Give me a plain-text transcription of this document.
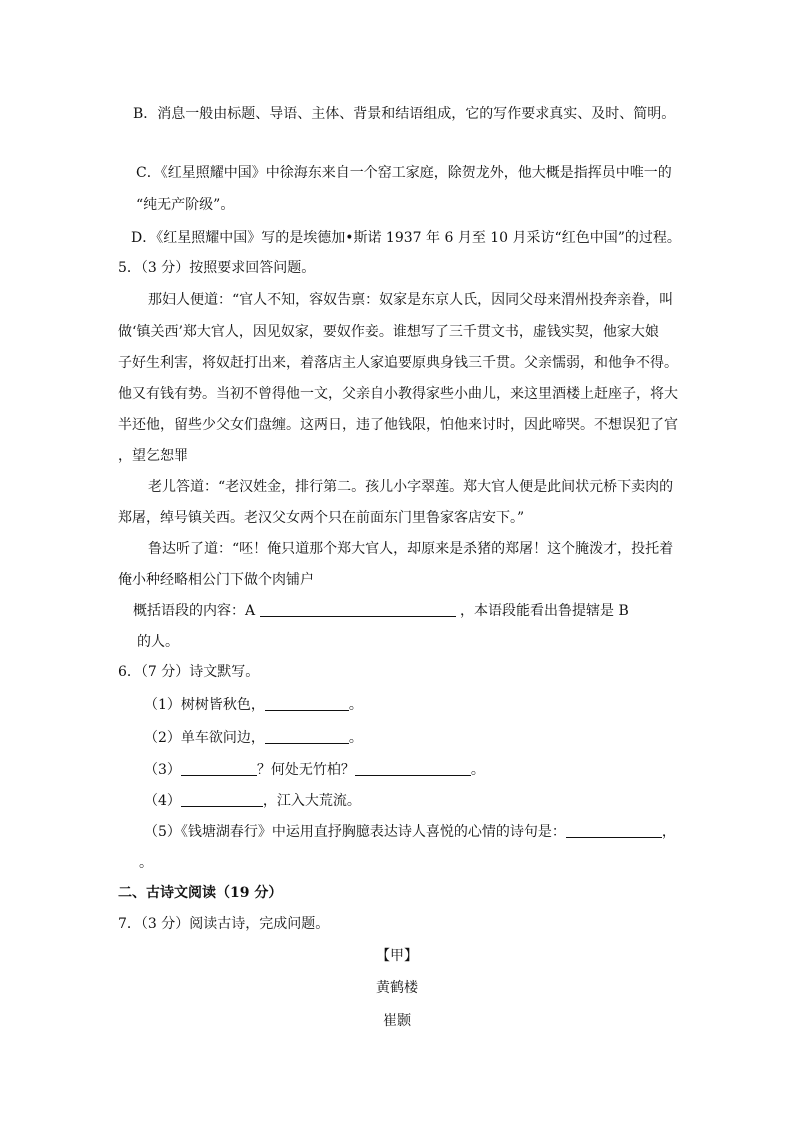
B．消息一般由标题、导语、主体、背景和结语组成，它的写作要求真实、及时、简明。
C．《红星照耀中国》中徐海东来自一个窑工家庭，除贺龙外，他大概是指挥员中唯一的
“纯无产阶级”。
D．《红星照耀中国》写的是埃德加•斯诺 1937 年 6 月至 10 月采访“红色中国”的过程。
5．（3 分）按照要求回答问题。
那妇人便道：“官人不知，容奴告禀：奴家是东京人氏，因同父母来渭州投奔亲眷，叫
做‘镇关西’郑大官人，因见奴家，要奴作妾。谁想写了三千贯文书，虚钱实契，他家大娘
子好生利害，将奴赶打出来，着落店主人家追要原典身钱三千贯。父亲懦弱，和他争不得。
他又有钱有势。当初不曾得他一文，父亲自小教得家些小曲儿，来这里酒楼上赶座子，将大
半还他，留些少父女们盘缠。这两日，违了他钱限，怕他来讨时，因此啼哭。不想误犯了官
，望乞恕罪
老儿答道：“老汉姓金，排行第二。孩儿小字翠莲。郑大官人便是此间状元桥下卖肉的
郑屠，绰号镇关西。老汉父女两个只在前面东门里鲁家客店安下。”
鲁达听了道：“呸！俺只道那个郑大官人，却原来是杀猪的郑屠！这个腌泼才，投托着
俺小种经略相公门下做个肉铺户
概括语段的内容：A	，本语段能看出鲁提辖是 B
的人。
6．（7 分）诗文默写。
（1）树树皆秋色，	。
（2）单车欲问边，	。
（3）	？何处无竹柏？	。
（4）	，江入大荒流。
（5）《钱塘湖春行》中运用直抒胸臆表达诗人喜悦的心情的诗句是：	，
。
二、古诗文阅读（19 分）
7．（3 分）阅读古诗，完成问题。
【甲】
黄鹤楼
崔颢
